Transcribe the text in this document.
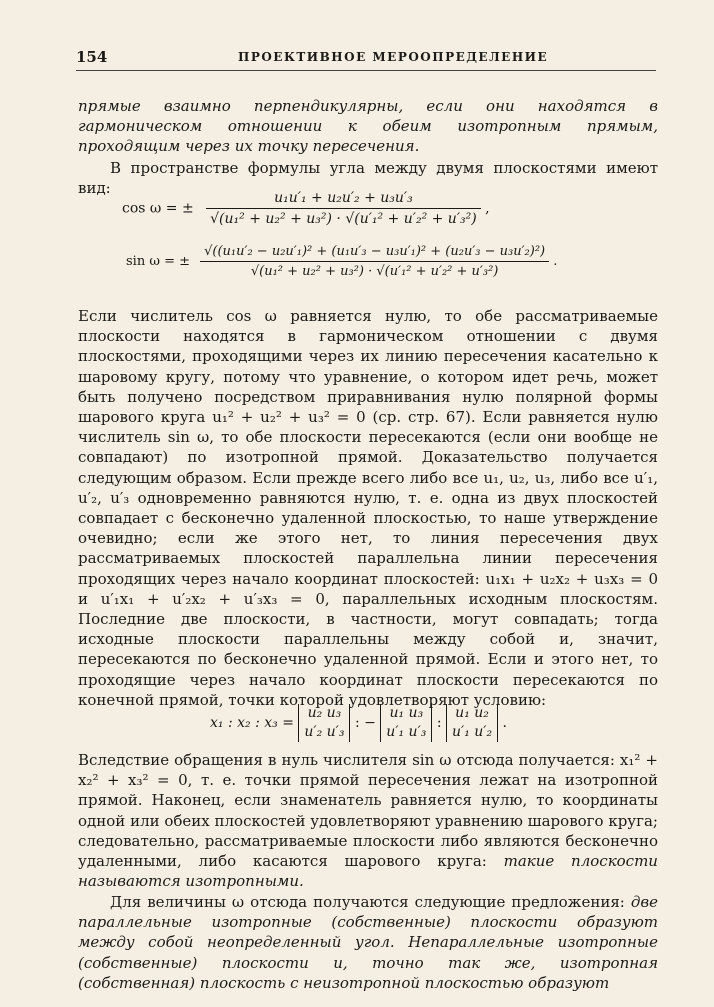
154	ПРОЕКТИВНОЕ МЕРООПРЕДЕЛЕНИЕ
прямые взаимно перпендикулярны, если они находятся в гармоническом отношении к обеим изотропным прямым, проходящим через их точку пересечения.
В пространстве формулы угла между двумя плоскостями имеют вид:
cos ω = ± $\frac{\text{u₁u′₁ + u₂u′₂ + u₃u′₃}}{\text{√(u₁² + u₂² + u₃²) · √(u′₁² + u′₂² + u′₃²)}}$ ,
sin ω = ± $\frac{\text{√((u₁u′₂ − u₂u′₁)² + (u₁u′₃ − u₃u′₁)² + (u₂u′₃ − u₃u′₂)²)}}{\text{√(u₁² + u₂² + u₃²) · √(u′₁² + u′₂² + u′₃²)}}$ .
Если числитель cos ω равняется нулю, то обе рассматриваемые плоскости находятся в гармоническом отношении с двумя плоскостями, проходящими через их линию пересечения касательно к шаровому кругу, потому что уравнение, о котором идет речь, может быть получено посредством приравнивания нулю полярной формы шарового круга u₁² + u₂² + u₃² = 0 (ср. стр. 67). Если равняется нулю числитель sin ω, то обе плоскости пересекаются (если они вообще не совпадают) по изотропной прямой. Доказательство получается следующим образом. Если прежде всего либо все u₁, u₂, u₃, либо все u′₁, u′₂, u′₃ одновременно равняются нулю, т. е. одна из двух плоскостей совпадает с бесконечно удаленной плоскостью, то наше утверждение очевидно; если же этого нет, то линия пересечения двух рассматриваемых плоскостей параллельна линии пересечения проходящих через начало координат плоскостей: u₁x₁ + u₂x₂ + u₃x₃ = 0 и u′₁x₁ + u′₂x₂ + u′₃x₃ = 0, параллельных исходным плоскостям. Последние две плоскости, в частности, могут совпадать; тогда исходные плоскости параллельны между собой и, значит, пересекаются по бесконечно удаленной прямой. Если и этого нет, то проходящие через начало координат плоскости пересекаются по конечной прямой, точки которой удовлетворяют условию:
x₁ : x₂ : x₃ = u₂ u₃
u′₂ u′₃ : − u₁ u₃
u′₁ u′₃ : u₁ u₂
u′₁ u′₂ .
Вследствие обращения в нуль числителя sin ω отсюда получается: x₁² + x₂² + x₃² = 0, т. е. точки прямой пересечения лежат на изотропной прямой. Наконец, если знаменатель равняется нулю, то координаты одной или обеих плоскостей удовлетворяют уравнению шарового круга; следовательно, рассматриваемые плоскости либо являются бесконечно удаленными, либо касаются шарового круга: такие плоскости называются изотропными.
Для величины ω отсюда получаются следующие предложения: две параллельные изотропные (собственные) плоскости образуют между собой неопределенный угол. Непараллельные изотропные (собственные) плоскости и, точно так же, изотропная (собственная) плоскость с неизотропной плоскостью образуют
